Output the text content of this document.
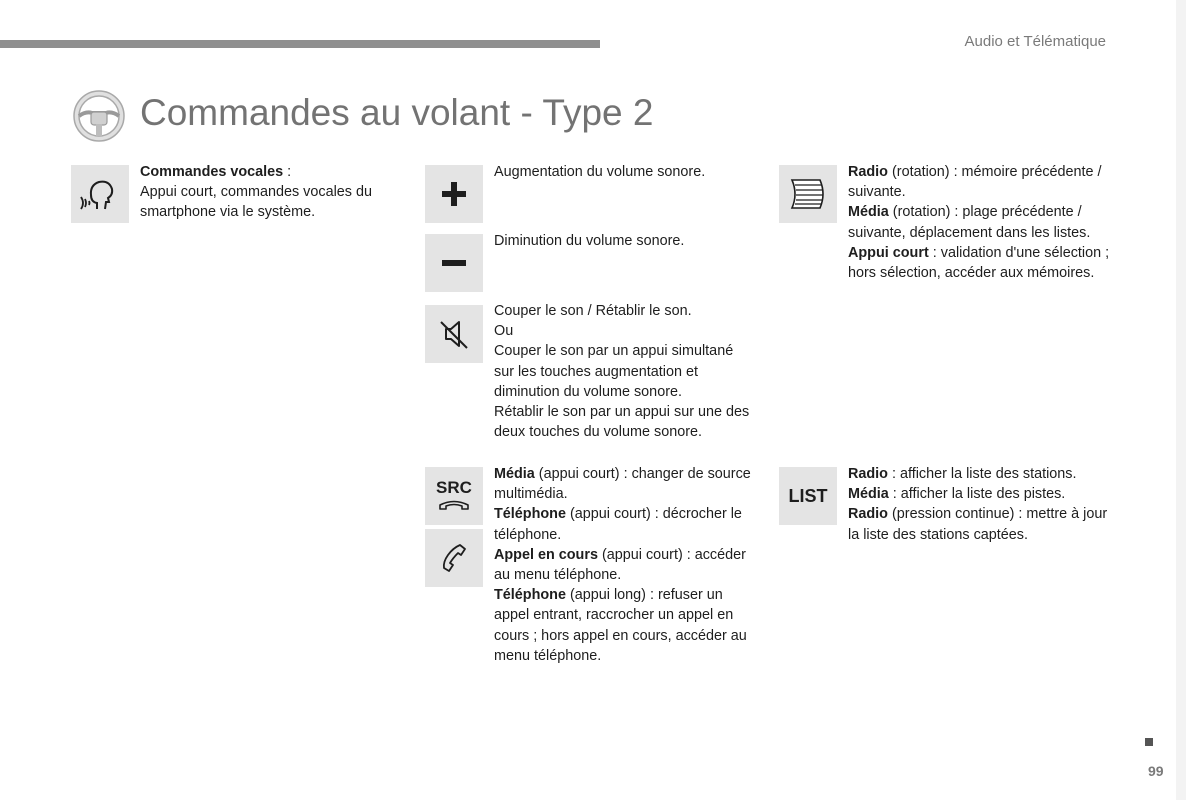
Audio et Télématique
Commandes au volant - Type 2

Commandes vocales :

Appui court, commandes vocales du smartphone via le système.

Augmentation du volume sonore.
Diminution du volume sonore.

Couper le son / Rétablir le son.

Ou

Couper le son par un appui simultané sur les touches augmentation et diminution du volume sonore.

Rétablir le son par un appui sur une des deux touches du volume sonore.

SRC

Média (appui court) : changer de source multimédia.

Téléphone (appui court) : décrocher le téléphone.

Appel en cours (appui court) : accéder au menu téléphone.

Téléphone (appui long) : refuser un appel entrant, raccrocher un appel en cours ; hors appel en cours, accéder au menu téléphone.

Radio (rotation) : mémoire précédente / suivante.

Média (rotation) : plage précédente / suivante, déplacement dans les listes.

Appui court : validation d'une sélection ; hors sélection, accéder aux mémoires.

LIST

Radio : afficher la liste des stations.

Média : afficher la liste des pistes.

Radio (pression continue) : mettre à jour la liste des stations captées.

99
